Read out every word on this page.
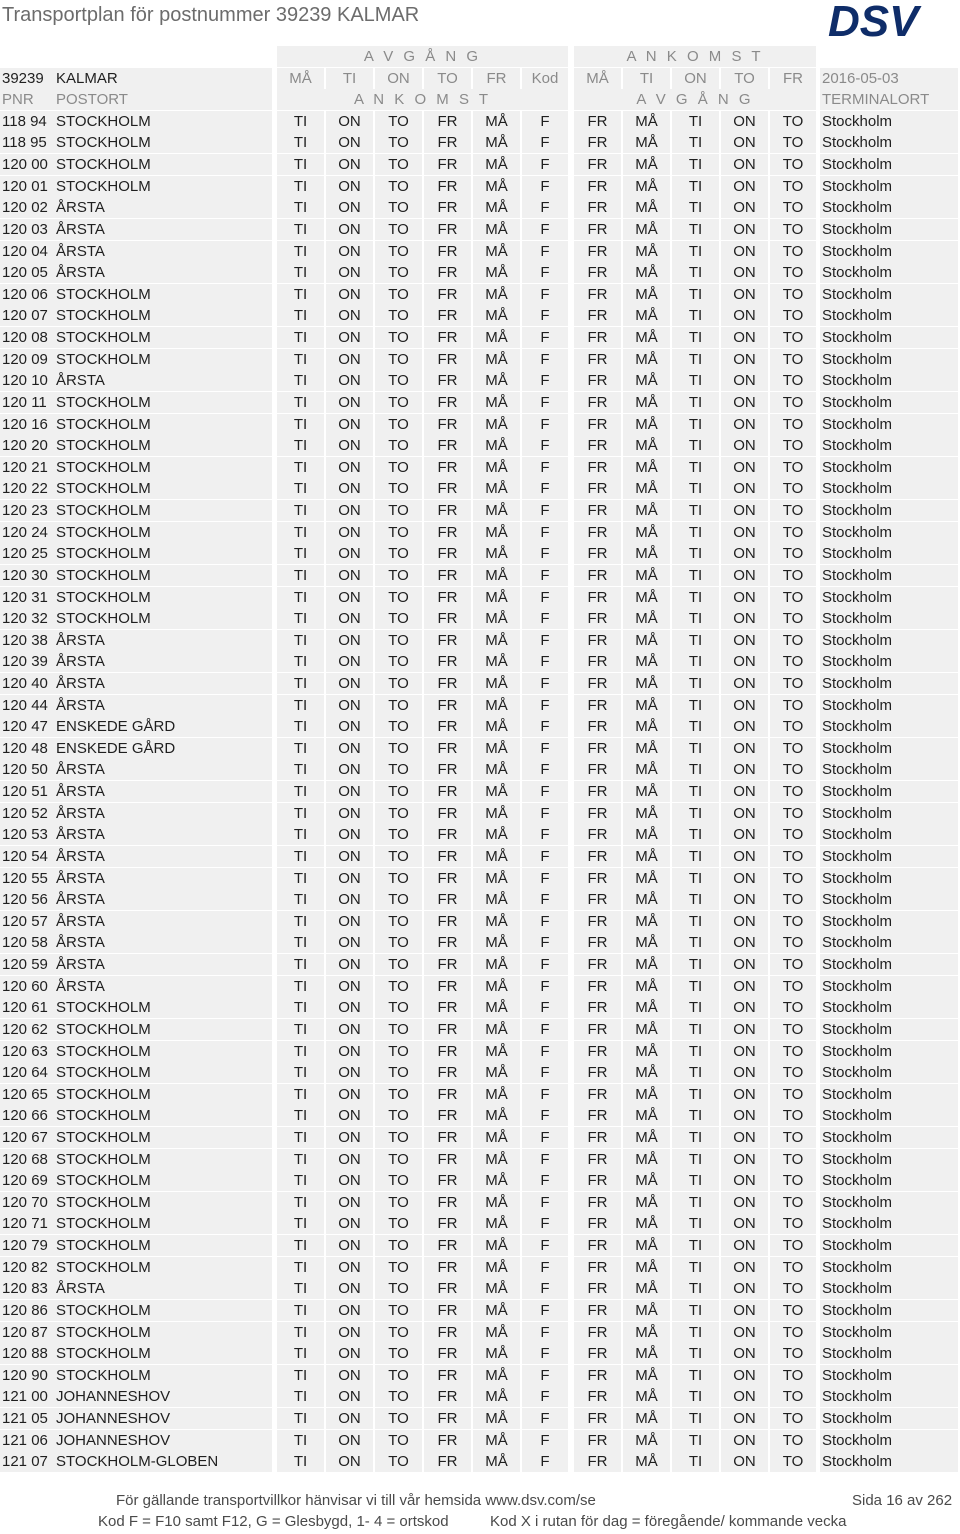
Transportplan för postnummer 39239 KALMAR	DSV
A V G Å N G	A N K O M S T
39239 KALMAR	MÅ	TI	ON	TO	FR	Kod	MÅ	TI	ON	TO	FR	2016-05-03
PNR	POSTORT	A N K O M S T	A V G Å N G	TERMINALORT
118 94 STOCKHOLM	TI	ON	TO	FR	MÅ	F	FR	MÅ	TI	ON	TO	Stockholm
118 95 STOCKHOLM	TI	ON	TO	FR	MÅ	F	FR	MÅ	TI	ON	TO	Stockholm
120 00 STOCKHOLM	TI	ON	TO	FR	MÅ	F	FR	MÅ	TI	ON	TO	Stockholm
120 01 STOCKHOLM	TI	ON	TO	FR	MÅ	F	FR	MÅ	TI	ON	TO	Stockholm
120 02 ÅRSTA	TI	ON	TO	FR	MÅ	F	FR	MÅ	TI	ON	TO	Stockholm
120 03 ÅRSTA	TI	ON	TO	FR	MÅ	F	FR	MÅ	TI	ON	TO	Stockholm
120 04 ÅRSTA	TI	ON	TO	FR	MÅ	F	FR	MÅ	TI	ON	TO	Stockholm
120 05 ÅRSTA	TI	ON	TO	FR	MÅ	F	FR	MÅ	TI	ON	TO	Stockholm
120 06 STOCKHOLM	TI	ON	TO	FR	MÅ	F	FR	MÅ	TI	ON	TO	Stockholm
120 07 STOCKHOLM	TI	ON	TO	FR	MÅ	F	FR	MÅ	TI	ON	TO	Stockholm
120 08 STOCKHOLM	TI	ON	TO	FR	MÅ	F	FR	MÅ	TI	ON	TO	Stockholm
120 09 STOCKHOLM	TI	ON	TO	FR	MÅ	F	FR	MÅ	TI	ON	TO	Stockholm
120 10 ÅRSTA	TI	ON	TO	FR	MÅ	F	FR	MÅ	TI	ON	TO	Stockholm
120 11 STOCKHOLM	TI	ON	TO	FR	MÅ	F	FR	MÅ	TI	ON	TO	Stockholm
120 16 STOCKHOLM	TI	ON	TO	FR	MÅ	F	FR	MÅ	TI	ON	TO	Stockholm
120 20 STOCKHOLM	TI	ON	TO	FR	MÅ	F	FR	MÅ	TI	ON	TO	Stockholm
120 21 STOCKHOLM	TI	ON	TO	FR	MÅ	F	FR	MÅ	TI	ON	TO	Stockholm
120 22 STOCKHOLM	TI	ON	TO	FR	MÅ	F	FR	MÅ	TI	ON	TO	Stockholm
120 23 STOCKHOLM	TI	ON	TO	FR	MÅ	F	FR	MÅ	TI	ON	TO	Stockholm
120 24 STOCKHOLM	TI	ON	TO	FR	MÅ	F	FR	MÅ	TI	ON	TO	Stockholm
120 25 STOCKHOLM	TI	ON	TO	FR	MÅ	F	FR	MÅ	TI	ON	TO	Stockholm
120 30 STOCKHOLM	TI	ON	TO	FR	MÅ	F	FR	MÅ	TI	ON	TO	Stockholm
120 31 STOCKHOLM	TI	ON	TO	FR	MÅ	F	FR	MÅ	TI	ON	TO	Stockholm
120 32 STOCKHOLM	TI	ON	TO	FR	MÅ	F	FR	MÅ	TI	ON	TO	Stockholm
120 38 ÅRSTA	TI	ON	TO	FR	MÅ	F	FR	MÅ	TI	ON	TO	Stockholm
120 39 ÅRSTA	TI	ON	TO	FR	MÅ	F	FR	MÅ	TI	ON	TO	Stockholm
120 40 ÅRSTA	TI	ON	TO	FR	MÅ	F	FR	MÅ	TI	ON	TO	Stockholm
120 44 ÅRSTA	TI	ON	TO	FR	MÅ	F	FR	MÅ	TI	ON	TO	Stockholm
120 47 ENSKEDE GÅRD	TI	ON	TO	FR	MÅ	F	FR	MÅ	TI	ON	TO	Stockholm
120 48 ENSKEDE GÅRD	TI	ON	TO	FR	MÅ	F	FR	MÅ	TI	ON	TO	Stockholm
120 50 ÅRSTA	TI	ON	TO	FR	MÅ	F	FR	MÅ	TI	ON	TO	Stockholm
120 51 ÅRSTA	TI	ON	TO	FR	MÅ	F	FR	MÅ	TI	ON	TO	Stockholm
120 52 ÅRSTA	TI	ON	TO	FR	MÅ	F	FR	MÅ	TI	ON	TO	Stockholm
120 53 ÅRSTA	TI	ON	TO	FR	MÅ	F	FR	MÅ	TI	ON	TO	Stockholm
120 54 ÅRSTA	TI	ON	TO	FR	MÅ	F	FR	MÅ	TI	ON	TO	Stockholm
120 55 ÅRSTA	TI	ON	TO	FR	MÅ	F	FR	MÅ	TI	ON	TO	Stockholm
120 56 ÅRSTA	TI	ON	TO	FR	MÅ	F	FR	MÅ	TI	ON	TO	Stockholm
120 57 ÅRSTA	TI	ON	TO	FR	MÅ	F	FR	MÅ	TI	ON	TO	Stockholm
120 58 ÅRSTA	TI	ON	TO	FR	MÅ	F	FR	MÅ	TI	ON	TO	Stockholm
120 59 ÅRSTA	TI	ON	TO	FR	MÅ	F	FR	MÅ	TI	ON	TO	Stockholm
120 60 ÅRSTA	TI	ON	TO	FR	MÅ	F	FR	MÅ	TI	ON	TO	Stockholm
120 61 STOCKHOLM	TI	ON	TO	FR	MÅ	F	FR	MÅ	TI	ON	TO	Stockholm
120 62 STOCKHOLM	TI	ON	TO	FR	MÅ	F	FR	MÅ	TI	ON	TO	Stockholm
120 63 STOCKHOLM	TI	ON	TO	FR	MÅ	F	FR	MÅ	TI	ON	TO	Stockholm
120 64 STOCKHOLM	TI	ON	TO	FR	MÅ	F	FR	MÅ	TI	ON	TO	Stockholm
120 65 STOCKHOLM	TI	ON	TO	FR	MÅ	F	FR	MÅ	TI	ON	TO	Stockholm
120 66 STOCKHOLM	TI	ON	TO	FR	MÅ	F	FR	MÅ	TI	ON	TO	Stockholm
120 67 STOCKHOLM	TI	ON	TO	FR	MÅ	F	FR	MÅ	TI	ON	TO	Stockholm
120 68 STOCKHOLM	TI	ON	TO	FR	MÅ	F	FR	MÅ	TI	ON	TO	Stockholm
120 69 STOCKHOLM	TI	ON	TO	FR	MÅ	F	FR	MÅ	TI	ON	TO	Stockholm
120 70 STOCKHOLM	TI	ON	TO	FR	MÅ	F	FR	MÅ	TI	ON	TO	Stockholm
120 71 STOCKHOLM	TI	ON	TO	FR	MÅ	F	FR	MÅ	TI	ON	TO	Stockholm
120 79 STOCKHOLM	TI	ON	TO	FR	MÅ	F	FR	MÅ	TI	ON	TO	Stockholm
120 82 STOCKHOLM	TI	ON	TO	FR	MÅ	F	FR	MÅ	TI	ON	TO	Stockholm
120 83 ÅRSTA	TI	ON	TO	FR	MÅ	F	FR	MÅ	TI	ON	TO	Stockholm
120 86 STOCKHOLM	TI	ON	TO	FR	MÅ	F	FR	MÅ	TI	ON	TO	Stockholm
120 87 STOCKHOLM	TI	ON	TO	FR	MÅ	F	FR	MÅ	TI	ON	TO	Stockholm
120 88 STOCKHOLM	TI	ON	TO	FR	MÅ	F	FR	MÅ	TI	ON	TO	Stockholm
120 90 STOCKHOLM	TI	ON	TO	FR	MÅ	F	FR	MÅ	TI	ON	TO	Stockholm
121 00 JOHANNESHOV	TI	ON	TO	FR	MÅ	F	FR	MÅ	TI	ON	TO	Stockholm
121 05 JOHANNESHOV	TI	ON	TO	FR	MÅ	F	FR	MÅ	TI	ON	TO	Stockholm
121 06 JOHANNESHOV	TI	ON	TO	FR	MÅ	F	FR	MÅ	TI	ON	TO	Stockholm
121 07 STOCKHOLM-GLOBEN	TI	ON	TO	FR	MÅ	F	FR	MÅ	TI	ON	TO	Stockholm
För gällande transportvillkor hänvisar vi till vår hemsida www.dsv.com/se	Sida 16 av 262
Kod F = F10 samt F12, G = Glesbygd, 1- 4 = ortskod	Kod X i rutan för dag = föregående/ kommande vecka
